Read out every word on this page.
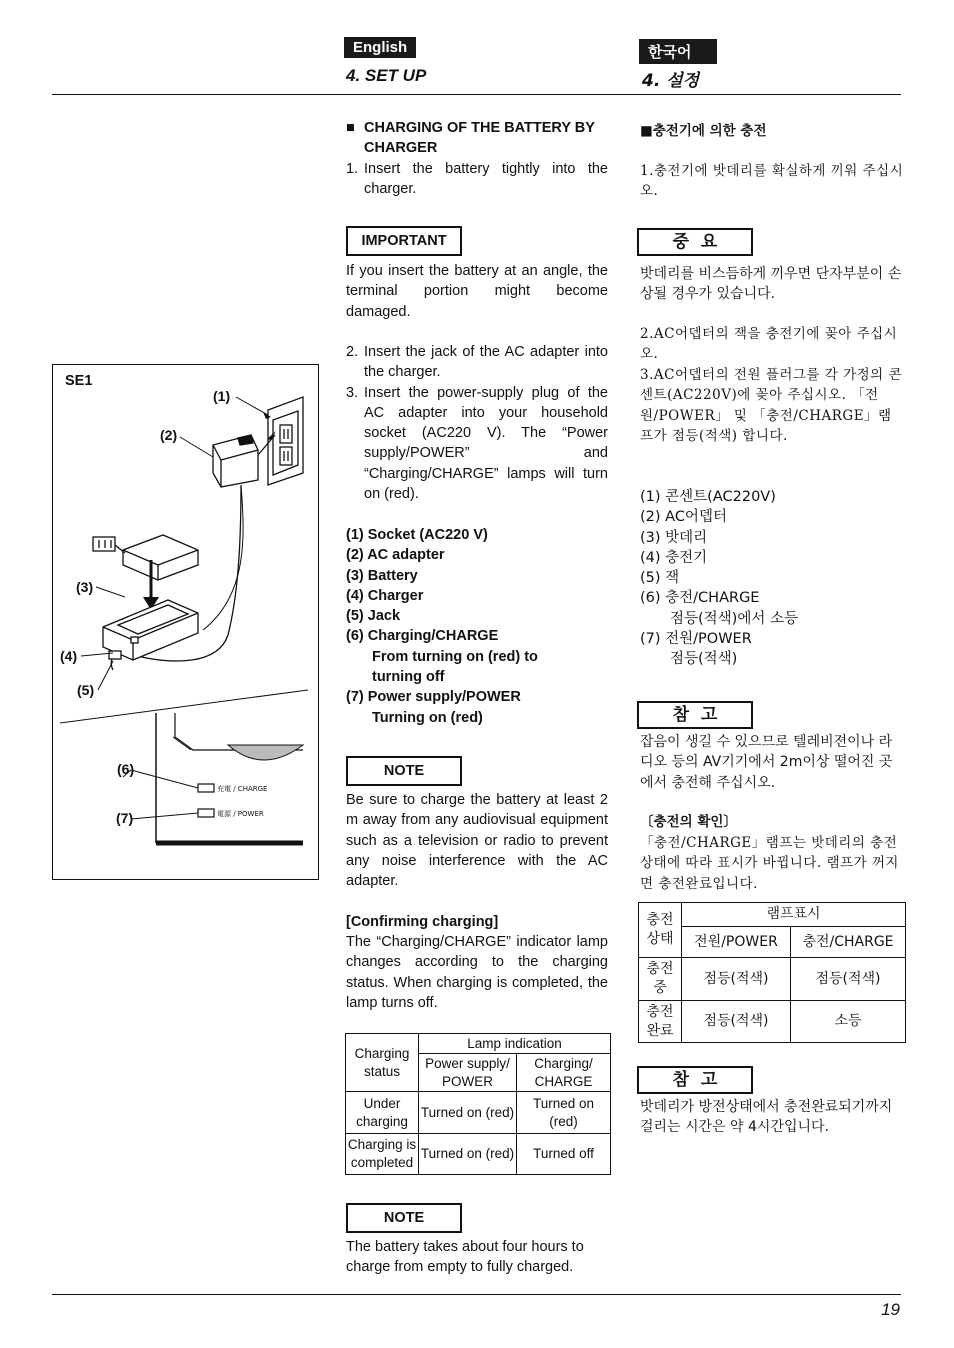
English	한국어
4. SET UP	4. 설정
SE1
(1)
(2)
(3)
(4)
(5)
(6)
(7)
充電 / CHARGE
電源 / POWER
■ CHARGING OF THE BATTERY BY CHARGER
1. Insert the battery tightly into the charger.
IMPORTANT
If you insert the battery at an angle, the terminal portion might become damaged.
2. Insert the jack of the AC adapter into the charger.
3. Insert the power-supply plug of the AC adapter into your household socket (AC220 V). The “Power supply/POWER” and “Charging/CHARGE” lamps will turn on (red).
(1) Socket (AC220 V)
(2) AC adapter
(3) Battery
(4) Charger
(5) Jack
(6) Charging/CHARGE
From turning on (red) to
turning off
(7) Power supply/POWER
Turning on (red)
NOTE
Be sure to charge the battery at least 2 m away from any audiovisual equipment such as a television or radio to prevent any noise interference with the AC adapter.
[Confirming charging]
The “Charging/CHARGE” indicator lamp changes according to the charging status. When charging is completed, the lamp turns off.
Charging status	Lamp indication	
	Power supply/ POWER	Charging/ CHARGE
Under charging	Turned on (red)	Turned on (red)
Charging is completed	Turned on (red)	Turned off
NOTE
The battery takes about four hours to charge from empty to fully charged.
■충전기에 의한 충전
1.충전기에 밧데리를 확실하게 끼워 주십시오.
중  요
밧데리를 비스듬하게 끼우면 단자부분이 손상될 경우가 있습니다.
2.AC어뎁터의 잭을 충전기에 꽂아 주십시오.
3.AC어뎁터의 전원 플러그를 각 가정의 콘센트(AC220V)에 꽂아 주십시오. 「전원/POWER」 및 「충전/CHARGE」램프가 점등(적색) 합니다.
(1) 콘센트(AC220V)
(2) AC어뎁터
(3) 밧데리
(4) 충전기
(5) 잭
(6) 충전/CHARGE
점등(적색)에서 소등
(7) 전원/POWER
점등(적색)
참  고
잡음이 생길 수 있으므로 텔레비젼이나 라디오 등의 AV기기에서 2m이상 떨어진 곳에서 충전해 주십시오.
〔충전의 확인〕
「충전/CHARGE」램프는 밧데리의 충전상태에 따라 표시가 바뀝니다. 램프가 꺼지면 충전완료입니다.
충전 상태	램프표시	
	전원/POWER	충전/CHARGE
충전 중	점등(적색)	점등(적색)
충전 완료	점등(적색)	소등
참  고
밧데리가 방전상태에서 충전완료되기까지 걸리는 시간은 약 4시간입니다.
19
